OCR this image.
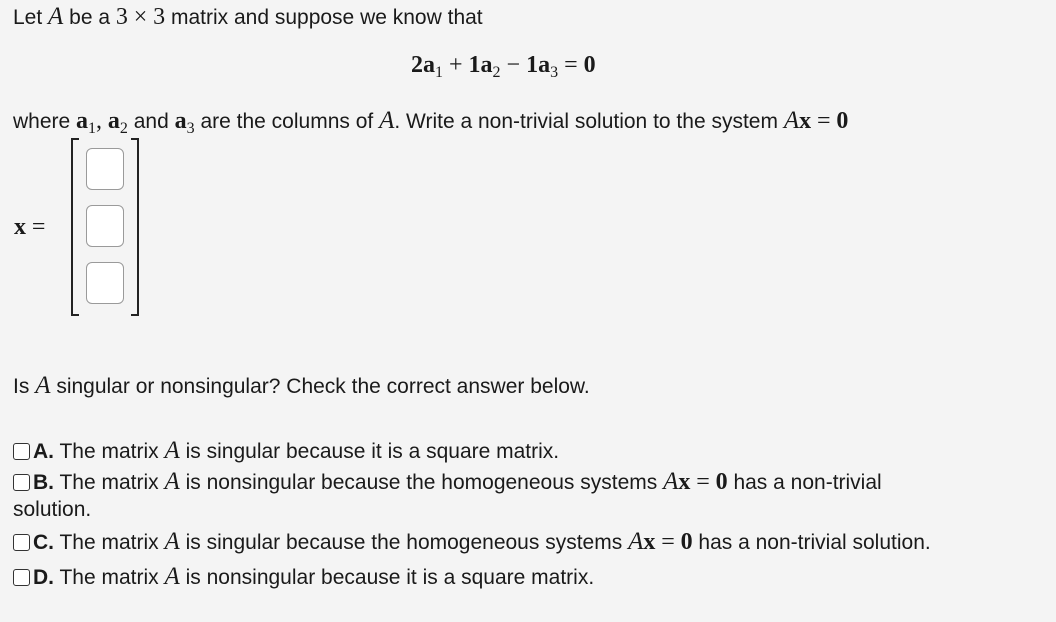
Let A be a 3 × 3 matrix and suppose we know that
$2a_1 + 1a_2 - 1a_3 = 0$
where $a_1$, $a_2$ and $a_3$ are the columns of A. Write a non-trivial solution to the system Ax = 0
x =
Is A singular or nonsingular? Check the correct answer below.
A. The matrix A is singular because it is a square matrix.
B. The matrix A is nonsingular because the homogeneous systems Ax = 0 has a non-trivial
solution.
C. The matrix A is singular because the homogeneous systems Ax = 0 has a non-trivial solution.
D. The matrix A is nonsingular because it is a square matrix.
